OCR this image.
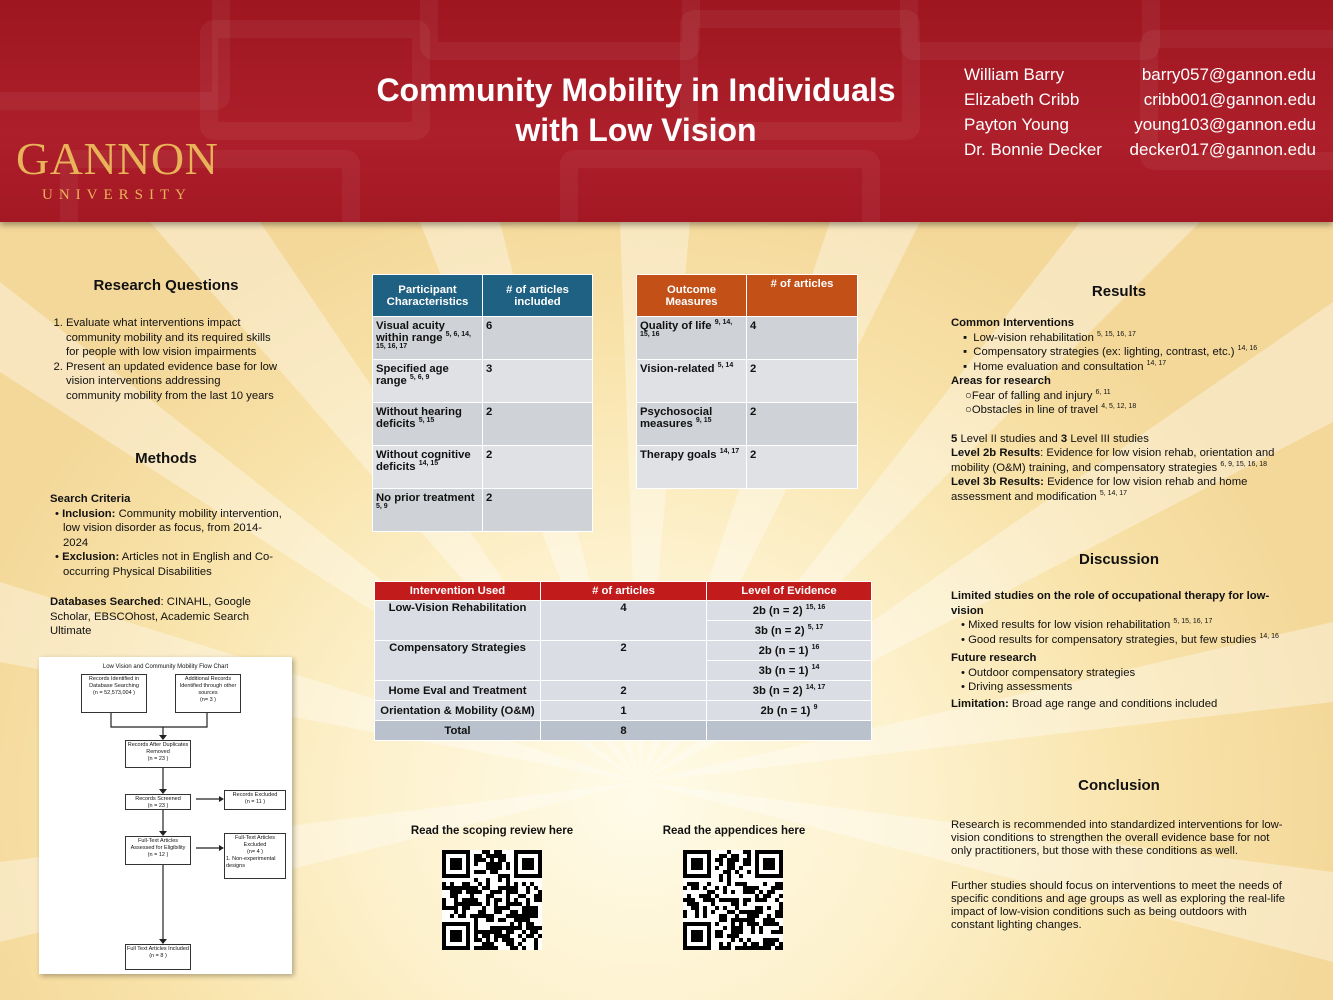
GANNON
UNIVERSITY
Community Mobility in Individuals with Low Vision
William Barry	barry057@gannon.edu
Elizabeth Cribb	cribb001@gannon.edu
Payton Young	young103@gannon.edu
Dr. Bonnie Decker decker017@gannon.edu
Research Questions
1. Evaluate what interventions impact community mobility and its required skills for people with low vision impairments
2. Present an updated evidence base for low vision interventions addressing community mobility from the last 10 years
Methods
Search Criteria
• Inclusion: Community mobility intervention, low vision disorder as focus, from 2014-2024
• Exclusion: Articles not in English and Co-occurring Physical Disabilities
Databases Searched: CINAHL, Google Scholar, EBSCOhost, Academic Search Ultimate
Low Vision and Community Mobility Flow Chart
Records Identified in Database Searching
(n = 52,573,004 )
Additional Records Identified through other sources
(n= 3 )
Records After Duplicates Removed
(n = 23 )
Records Screened
(n = 23 )
Records Excluded
(n = 11 )
Full-Text Articles Assessed for Eligibility
(n = 12 )
Full-Text Articles Excluded
(n= 4 )
1. Non-experimental designs
Full Text Articles Included
(n = 8 )
Participant Characteristics	# of articles included
Visual acuity within range $^{5, 6, 14, 15, 16, 17}$	6
Specified age range $^{5, 6, 9}$	3
Without hearing deficits $^{5, 15}$	2
Without cognitive deficits $^{14, 15}$	2
No prior treatment $^{5, 9}$	2
Outcome Measures	# of articles
Quality of life $^{9, 14, 15, 16}$	4
Vision-related $^{5, 14}$	2
Psychosocial measures $^{9, 15}$	2
Therapy goals $^{14, 17}$	2
Intervention Used	# of articles	Level of Evidence
Low-Vision Rehabilitation	4	2b (n = 2) $^{15, 16}$
		3b (n = 2) $^{5, 17}$
Compensatory Strategies	2	2b (n = 1) $^{16}$
		3b (n = 1) $^{14}$
Home Eval and Treatment	2	3b (n = 2) $^{14, 17}$
Orientation & Mobility (O&M)	1	2b (n = 1) $^9$
Total	8	
Read the scoping review here	Read the appendices here
Results
Common Interventions
▪  Low-vision rehabilitation $^{5, 15, 16, 17}$
▪  Compensatory strategies (ex: lighting, contrast, etc.) $^{14, 16}$
▪  Home evaluation and consultation $^{14, 17}$
Areas for research
○Fear of falling and injury $^{6, 11}$
○Obstacles in line of travel $^{4, 5, 12, 18}$
5 Level II studies and 3 Level III studies
Level 2b Results: Evidence for low vision rehab, orientation and mobility (O&M) training, and compensatory strategies $^{6, 9, 15, 16, 18}$
Level 3b Results: Evidence for low vision rehab and home assessment and modification $^{5, 14, 17}$
Discussion
Limited studies on the role of occupational therapy for low-vision
• Mixed results for low vision rehabilitation $^{5, 15, 16, 17}$
• Good results for compensatory strategies, but few studies $^{14, 16}$
Future research
• Outdoor compensatory strategies
• Driving assessments
Limitation: Broad age range and conditions included
Conclusion
Research is recommended into standardized interventions for low-vision conditions to strengthen the overall evidence base for not only practitioners, but those with these conditions as well.
Further studies should focus on interventions to meet the needs of specific conditions and age groups as well as exploring the real-life impact of low-vision conditions such as being outdoors with constant lighting changes.
